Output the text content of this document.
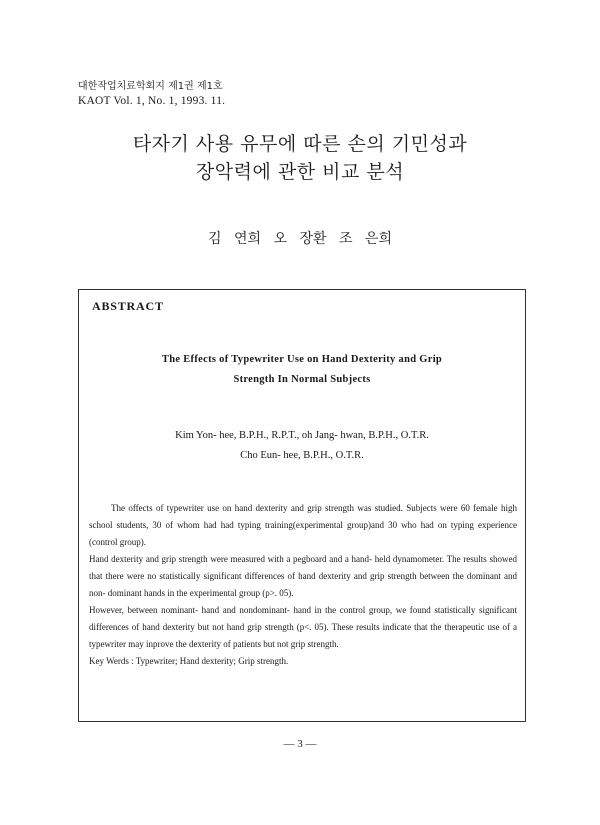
대한작업치료학회지 제1권 제1호
KAOT Vol. 1, No. 1, 1993. 11.
타자기 사용 유무에 따른 손의 기민성과
장악력에 관한 비교 분석
김 연희 오 장환 조 은희
ABSTRACT
The Effects of Typewriter Use on Hand Dexterity and Grip
Strength In Normal Subjects
Kim Yon- hee, B.P.H., R.P.T., oh Jang- hwan, B.P.H., O.T.R.
Cho Eun- hee, B.P.H., O.T.R.

The offects of typewriter use on hand dexterity and grip strength was studied. Subjects were 60 female high school students, 30 of whom had had typing training(experimental group)and 30 who had on typing experience (control group).

Hand dexterity and grip strength were measured with a pegboard and a hand- held dynamometer. The results showed that there were no statistically significant differences of hand dexterity and grip strength between the dominant and non- dominant hands in the experimental group (p>. 05).

However, between nominant- hand and nondominant- hand in the control group, we found statistically significant differences of hand dexterity but not hand grip strength (p<. 05). These results indicate that the therapeutic use of a typewriter may inprove the dexterity of patients but not grip strength.

Key Werds : Typewriter; Hand dexterity; Grip strength.

— 3 —
